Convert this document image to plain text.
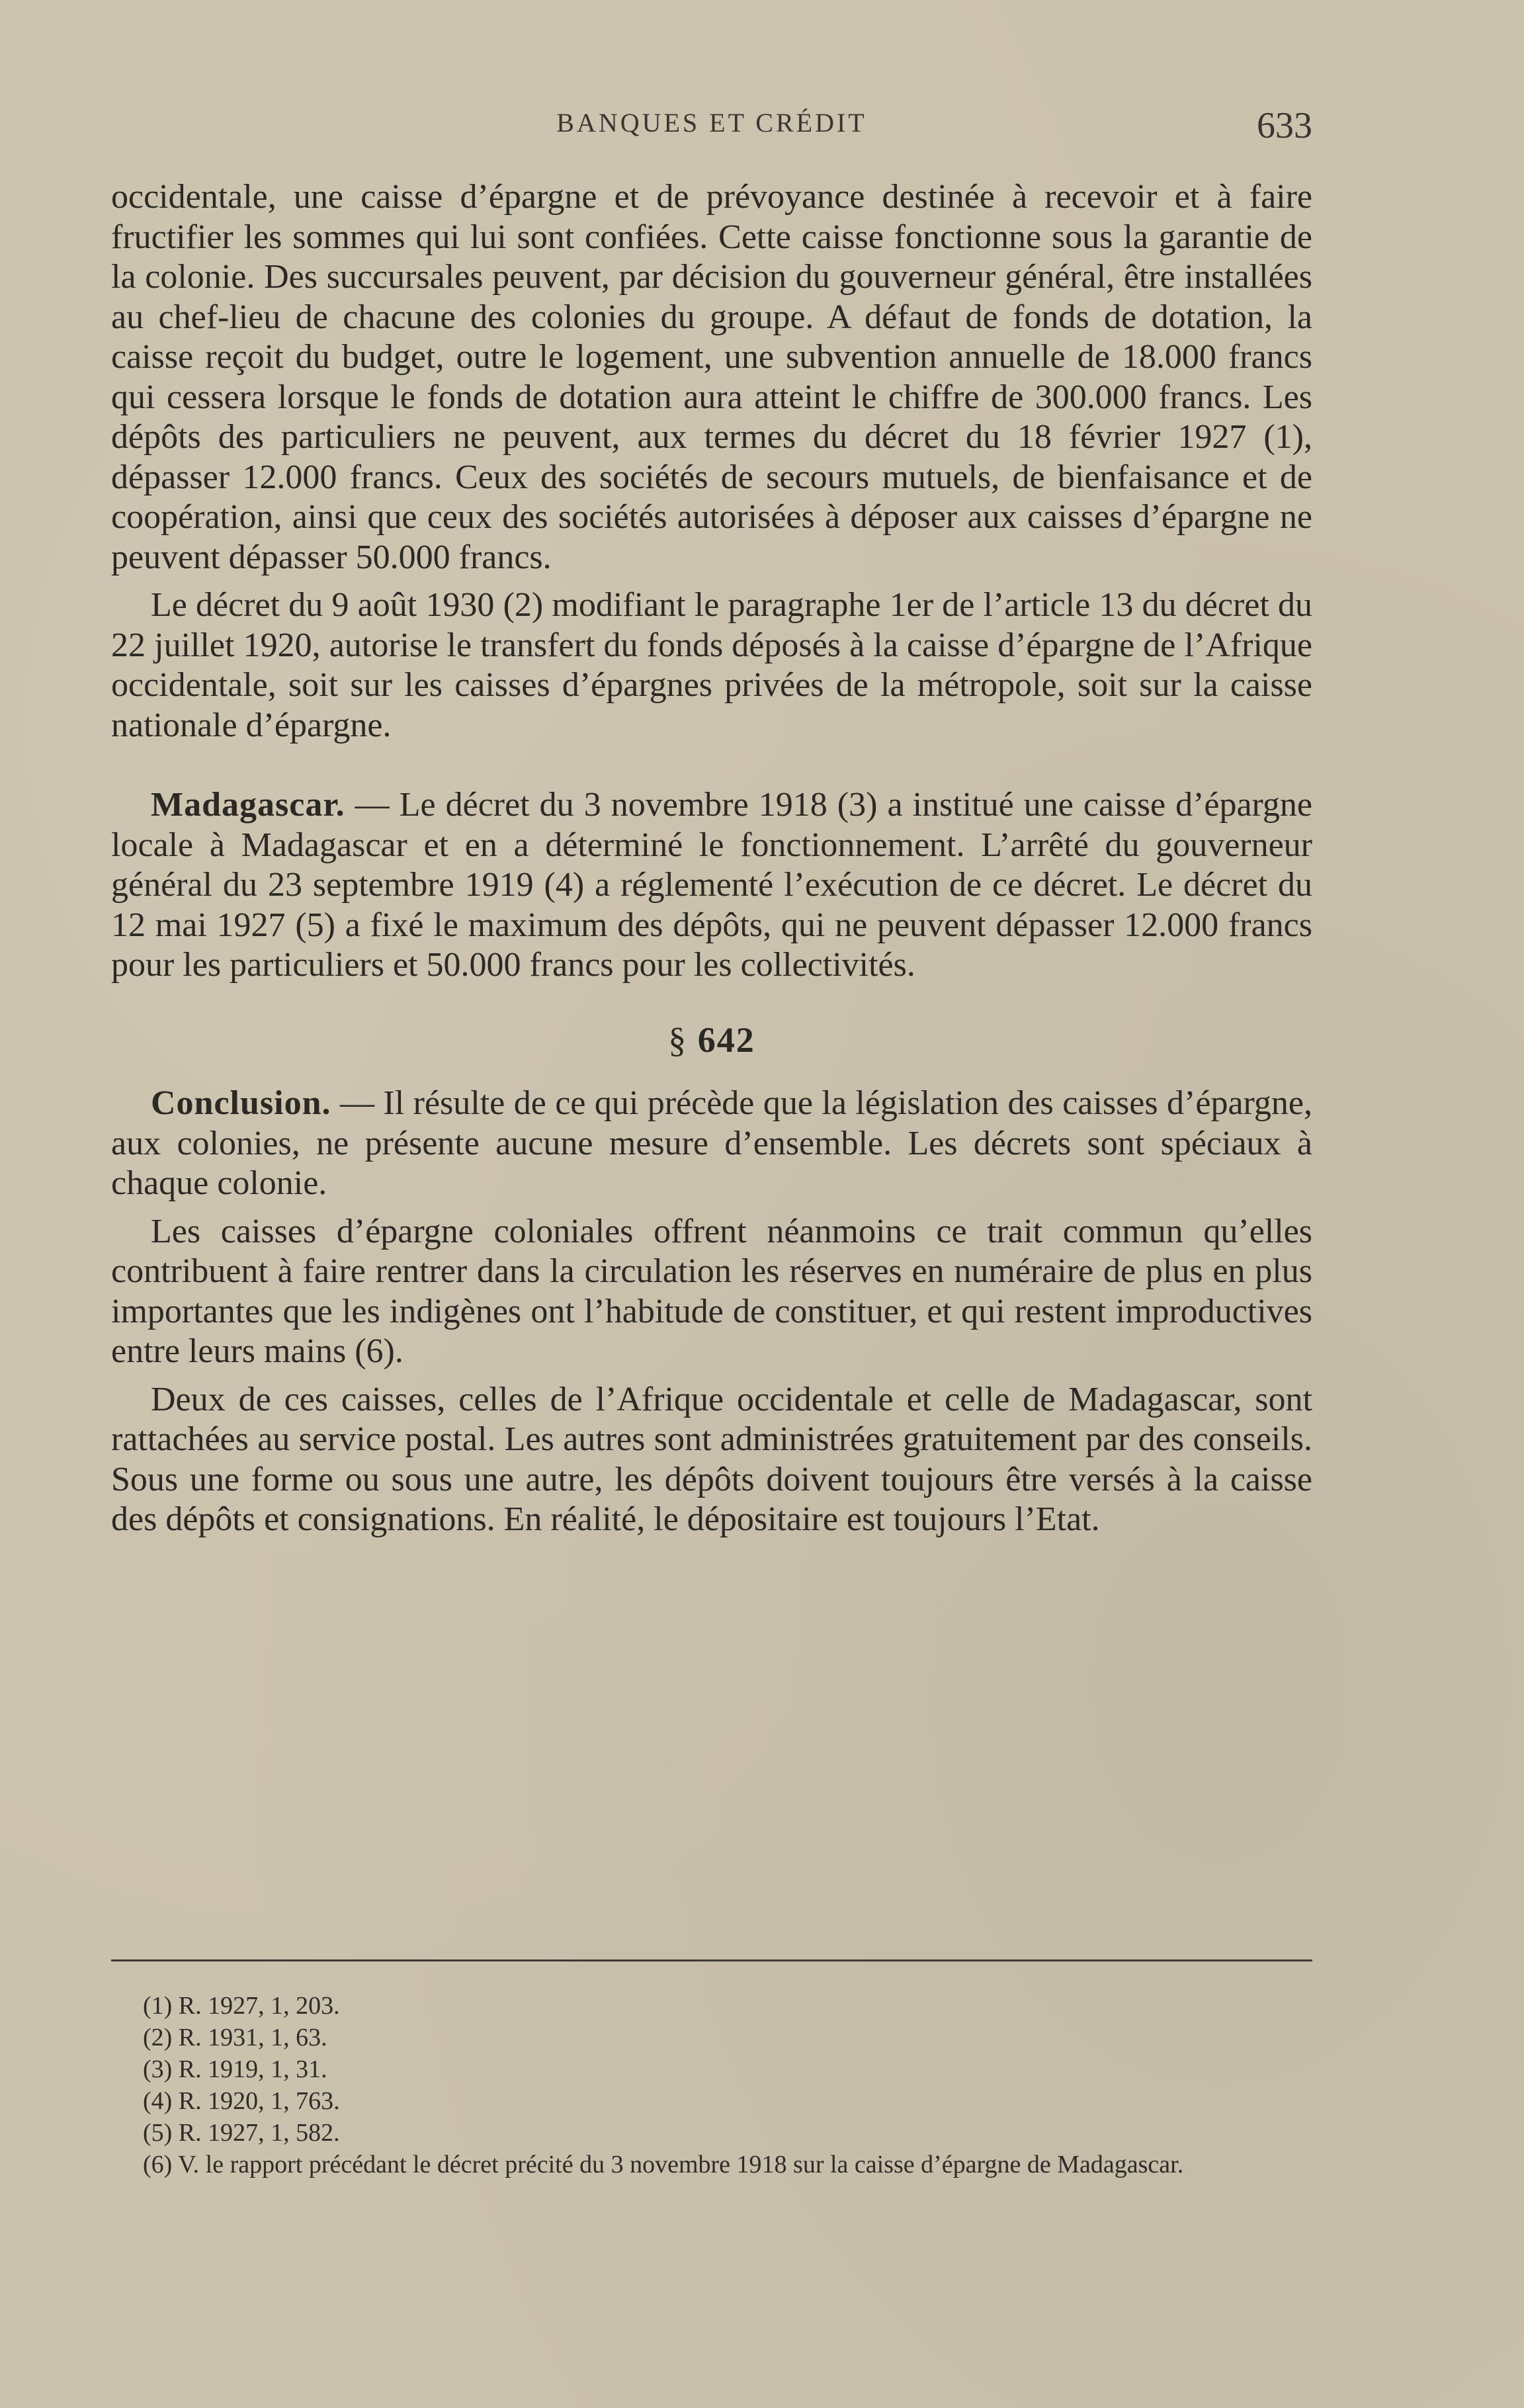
BANQUES ET CRÉDIT	633

occidentale, une caisse d’épargne et de prévoyance destinée à recevoir et à faire fructifier les sommes qui lui sont confiées. Cette caisse fonctionne sous la garantie de la colonie. Des succursales peuvent, par décision du gouverneur général, être installées au chef-lieu de chacune des colonies du groupe. A défaut de fonds de dotation, la caisse reçoit du budget, outre le logement, une subvention annuelle de 18.000 francs qui cessera lorsque le fonds de dotation aura atteint le chiffre de 300.000 francs. Les dépôts des particuliers ne peuvent, aux termes du décret du 18 février 1927 (1), dépasser 12.000 francs. Ceux des sociétés de secours mutuels, de bienfaisance et de coopération, ainsi que ceux des sociétés autorisées à déposer aux caisses d’épargne ne peuvent dépasser 50.000 francs.

Le décret du 9 août 1930 (2) modifiant le paragraphe 1er de l’article 13 du décret du 22 juillet 1920, autorise le transfert du fonds déposés à la caisse d’épargne de l’Afrique occidentale, soit sur les caisses d’épargnes privées de la métropole, soit sur la caisse nationale d’épargne.

Madagascar. — Le décret du 3 novembre 1918 (3) a institué une caisse d’épargne locale à Madagascar et en a déterminé le fonctionnement. L’arrêté du gouverneur général du 23 septembre 1919 (4) a réglementé l’exécution de ce décret. Le décret du 12 mai 1927 (5) a fixé le maximum des dépôts, qui ne peuvent dépasser 12.000 francs pour les particuliers et 50.000 francs pour les collectivités.

§ 642

Conclusion. — Il résulte de ce qui précède que la législation des caisses d’épargne, aux colonies, ne présente aucune mesure d’ensemble. Les décrets sont spéciaux à chaque colonie.

Les caisses d’épargne coloniales offrent néanmoins ce trait commun qu’elles contribuent à faire rentrer dans la circulation les réserves en numéraire de plus en plus importantes que les indigènes ont l’habitude de constituer, et qui restent improductives entre leurs mains (6).

Deux de ces caisses, celles de l’Afrique occidentale et celle de Madagascar, sont rattachées au service postal. Les autres sont administrées gratuitement par des conseils. Sous une forme ou sous une autre, les dépôts doivent toujours être versés à la caisse des dépôts et consignations. En réalité, le dépositaire est toujours l’Etat.

(1) R. 1927, 1, 203.

(2) R. 1931, 1, 63.

(3) R. 1919, 1, 31.

(4) R. 1920, 1, 763.

(5) R. 1927, 1, 582.

(6) V. le rapport précédant le décret précité du 3 novembre 1918 sur la caisse d’épargne de Madagascar.
